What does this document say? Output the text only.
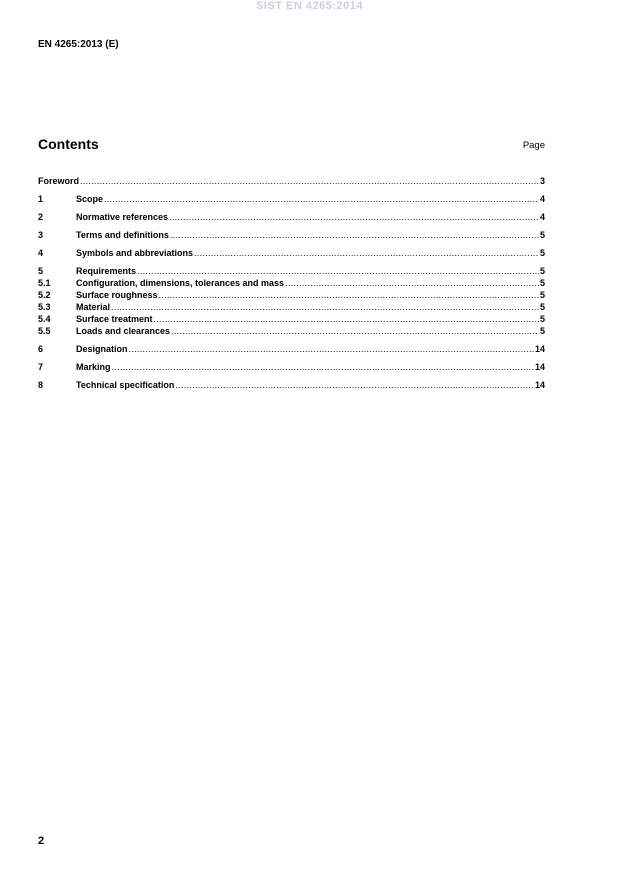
SIST EN 4265:2014
EN 4265:2013 (E)
Contents	Page
Foreword .....	3
1	Scope .....	4
2	Normative references .....	4
3	Terms and definitions .....	5
4	Symbols and abbreviations .....	5
5	Requirements .....	5
5.1	Configuration, dimensions, tolerances and mass .....	5
5.2	Surface roughness .....	5
5.3	Material .....	5
5.4	Surface treatment .....	5
5.5	Loads and clearances .....	5
6	Designation .....	14
7	Marking .....	14
8	Technical specification .....	14
2
